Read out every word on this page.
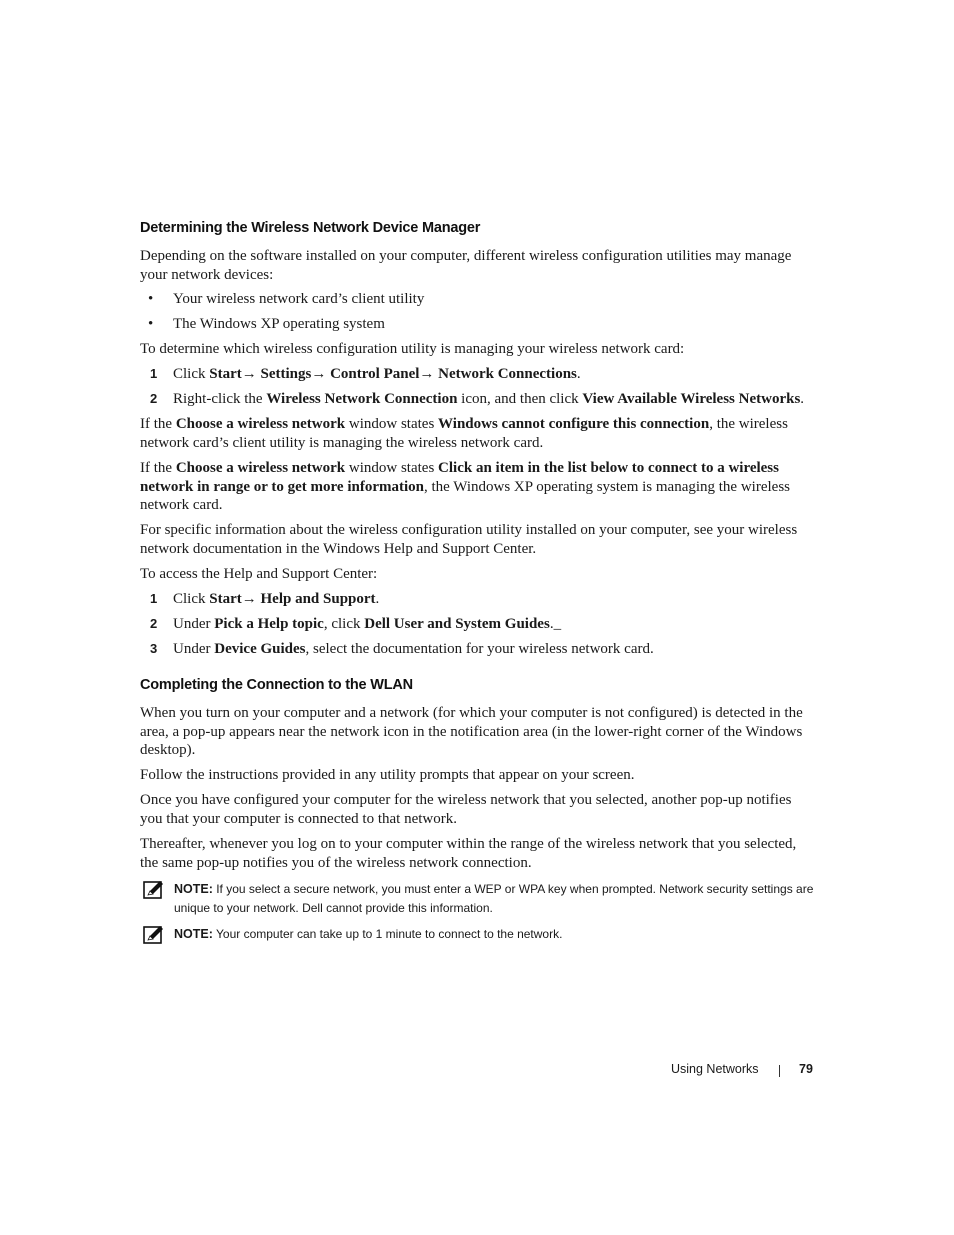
Determining the Wireless Network Device Manager
Depending on the software installed on your computer, different wireless configuration utilities may manage your network devices:
• Your wireless network card’s client utility
• The Windows XP operating system
To determine which wireless configuration utility is managing your wireless network card:
1 Click Start→ Settings→ Control Panel→ Network Connections.
2 Right-click the Wireless Network Connection icon, and then click View Available Wireless Networks.
If the Choose a wireless network window states Windows cannot configure this connection, the wireless network card’s client utility is managing the wireless network card.
If the Choose a wireless network window states Click an item in the list below to connect to a wireless network in range or to get more information, the Windows XP operating system is managing the wireless network card.
For specific information about the wireless configuration utility installed on your computer, see your wireless network documentation in the Windows Help and Support Center.
To access the Help and Support Center:
1 Click Start→ Help and Support.
2 Under Pick a Help topic, click Dell User and System Guides._
3 Under Device Guides, select the documentation for your wireless network card.
Completing the Connection to the WLAN
When you turn on your computer and a network (for which your computer is not configured) is detected in the area, a pop-up appears near the network icon in the notification area (in the lower-right corner of the Windows desktop).
Follow the instructions provided in any utility prompts that appear on your screen.
Once you have configured your computer for the wireless network that you selected, another pop-up notifies you that your computer is connected to that network.
Thereafter, whenever you log on to your computer within the range of the wireless network that you selected, the same pop-up notifies you of the wireless network connection.
NOTE: If you select a secure network, you must enter a WEP or WPA key when prompted. Network security settings are unique to your network. Dell cannot provide this information.
NOTE: Your computer can take up to 1 minute to connect to the network.
Using Networks	79
